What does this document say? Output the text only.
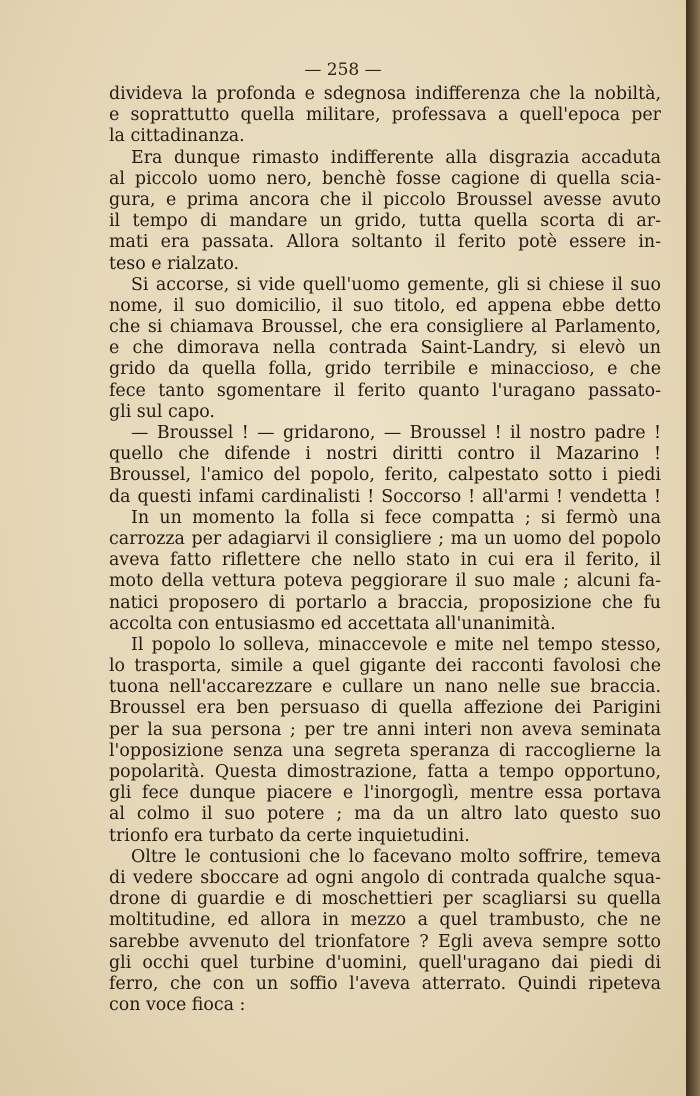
— 258 —
divideva la profonda e sdegnosa indifferenza che la nobiltà,
e soprattutto quella militare, professava a quell'epoca per
la cittadinanza.
Era dunque rimasto indifferente alla disgrazia accaduta
al piccolo uomo nero, benchè fosse cagione di quella scia-
gura, e prima ancora che il piccolo Broussel avesse avuto
il tempo di mandare un grido, tutta quella scorta di ar-
mati era passata. Allora soltanto il ferito potè essere in-
teso e rialzato.
Si accorse, si vide quell'uomo gemente, gli si chiese il suo
nome, il suo domicilio, il suo titolo, ed appena ebbe detto
che si chiamava Broussel, che era consigliere al Parlamento,
e che dimorava nella contrada Saint-Landry, si elevò un
grido da quella folla, grido terribile e minaccioso, e che
fece tanto sgomentare il ferito quanto l'uragano passato-
gli sul capo.
— Broussel ! — gridarono, — Broussel ! il nostro padre !
quello che difende i nostri diritti contro il Mazarino !
Broussel, l'amico del popolo, ferito, calpestato sotto i piedi
da questi infami cardinalisti ! Soccorso ! all'armi ! vendetta !
In un momento la folla si fece compatta ; si fermò una
carrozza per adagiarvi il consigliere ; ma un uomo del popolo
aveva fatto riflettere che nello stato in cui era il ferito, il
moto della vettura poteva peggiorare il suo male ; alcuni fa-
natici proposero di portarlo a braccia, proposizione che fu
accolta con entusiasmo ed accettata all'unanimità.
Il popolo lo solleva, minaccevole e mite nel tempo stesso,
lo trasporta, simile a quel gigante dei racconti favolosi che
tuona nell'accarezzare e cullare un nano nelle sue braccia.
Broussel era ben persuaso di quella affezione dei Parigini
per la sua persona ; per tre anni interi non aveva seminata
l'opposizione senza una segreta speranza di raccoglierne la
popolarità. Questa dimostrazione, fatta a tempo opportuno,
gli fece dunque piacere e l'inorgoglì, mentre essa portava
al colmo il suo potere ; ma da un altro lato questo suo
trionfo era turbato da certe inquietudini.
Oltre le contusioni che lo facevano molto soffrire, temeva
di vedere sboccare ad ogni angolo di contrada qualche squa-
drone di guardie e di moschettieri per scagliarsi su quella
moltitudine, ed allora in mezzo a quel trambusto, che ne
sarebbe avvenuto del trionfatore ? Egli aveva sempre sotto
gli occhi quel turbine d'uomini, quell'uragano dai piedi di
ferro, che con un soffio l'aveva atterrato. Quindi ripeteva
con voce fioca :
